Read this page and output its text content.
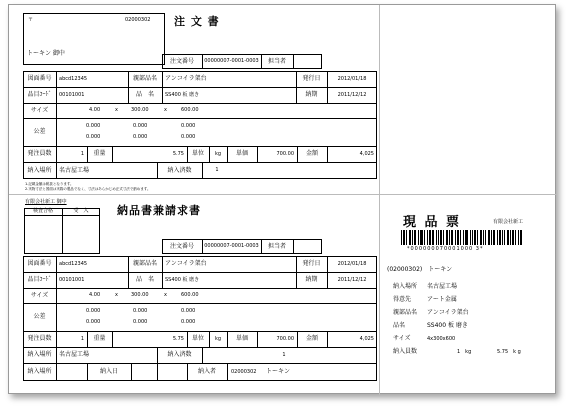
〒	02000302
トーキン 御中
注 文 書
注文番号	00000007-0001-0003	担当者
図面番号	abcd12345	親部品名	アンコイラ架台	発行日	2012/01/18
品目ｺｰﾄﾞ	00101001	品　名	SS400 板 磨き	納期	2011/12/12
サイズ	4.00	x	300.00	x	600.00
公差
0.000	0.000	0.000
0.000	0.000	0.000
発注員数	1	重量	5.75	単位	kg	単価	700.00	金額	4,025
納入場所	名古屋工場	納入済数	1
1.記載金額は税抜となります。
2.実物寸法と図面は実際の製品でなく、寸法はあらかじめ正式寸法で納めます。
有限会社新工 御中
検査合格	受　入	納品書兼請求書
注文番号	00000007-0001-0003	担当者
図面番号	abcd12345	親部品名	アンコイラ架台	発行日	2012/01/18
品目ｺｰﾄﾞ	00101001	品　名	SS400 板 磨き	納期	2011/12/12
サイズ	4.00	x	300.00	x	600.00
公差
0.000	0.000	0.000
0.000	0.000	0.000
発注員数	1	重量	5.75	単位	kg	単価	700.00	金額	4,025
納入場所	名古屋工場	納入済数	1
納入場所	納入日	納入者	02000302 トーキン
現 品 票	有限会社新工
*000000070001000 3*
(02000302)　トーキン
納入場所 名古屋工場
得意先	アート金属
親部品名 アンコイラ架台
品名	SS400 板 磨き
サイズ	4x300x600
納入員数	1　kg	5.75　k g
